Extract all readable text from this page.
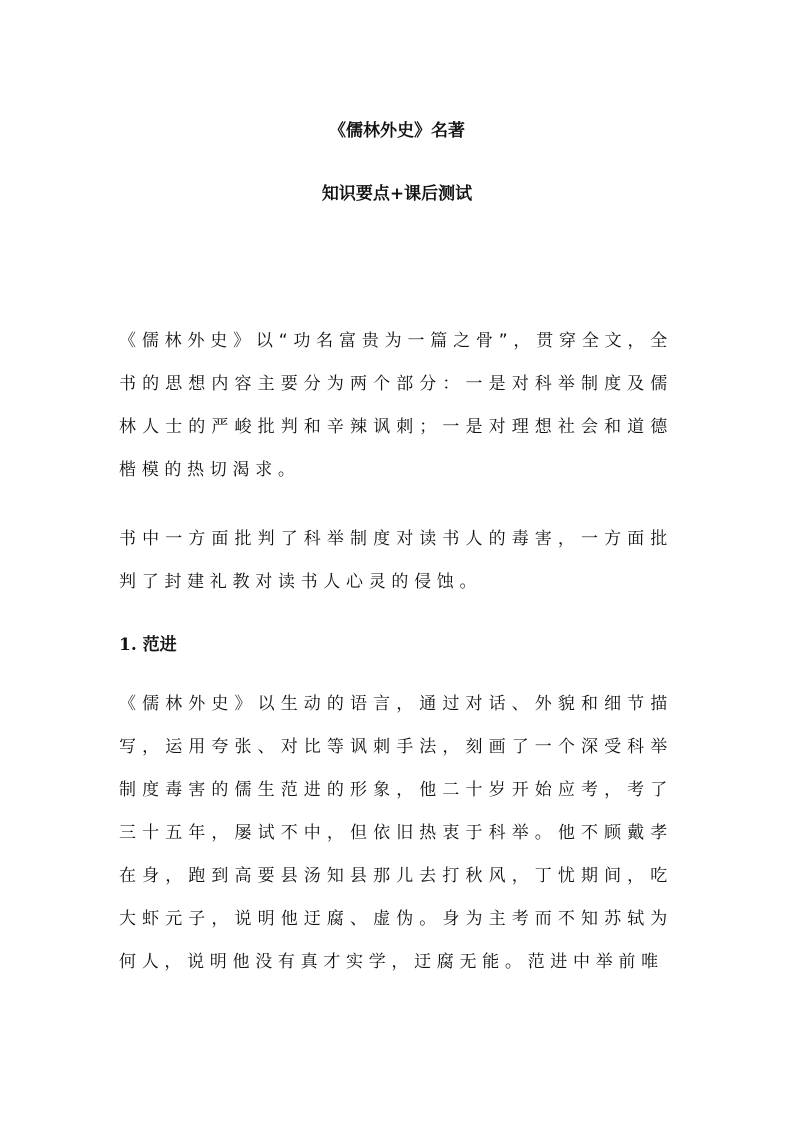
《儒林外史》名著
知识要点+课后测试

《儒林外史》以“功名富贵为一篇之骨”，贯穿全文，全书的思想内容主要分为两个部分：一是对科举制度及儒林人士的严峻批判和辛辣讽刺；一是对理想社会和道德楷模的热切渴求。

书中一方面批判了科举制度对读书人的毒害，一方面批判了封建礼教对读书人心灵的侵蚀。

1. 范进

《儒林外史》以生动的语言，通过对话、外貌和细节描写，运用夸张、对比等讽刺手法，刻画了一个深受科举制度毒害的儒生范进的形象，他二十岁开始应考，考了三十五年，屡试不中，但依旧热衷于科举。他不顾戴孝在身，跑到高要县汤知县那儿去打秋风，丁忧期间，吃大虾元子，说明他迂腐、虚伪。身为主考而不知苏轼为何人，说明他没有真才实学，迂腐无能。范进中举前唯
